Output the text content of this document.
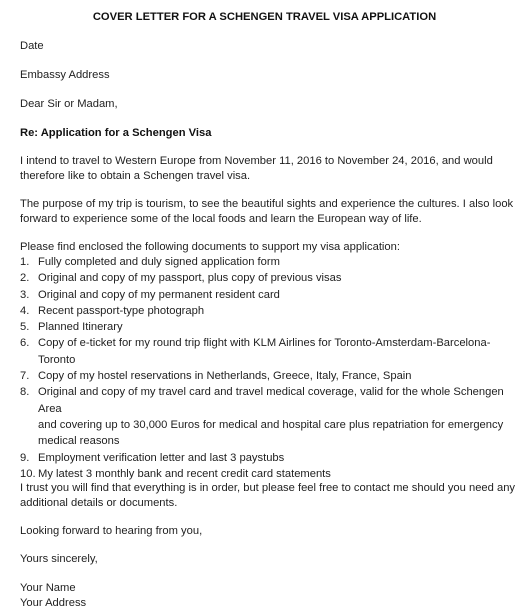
COVER LETTER FOR A SCHENGEN TRAVEL VISA APPLICATION
Date
Embassy Address
Dear Sir or Madam,
Re: Application for a Schengen Visa
I intend to travel to Western Europe from November 11, 2016 to November 24, 2016, and would
therefore like to obtain a Schengen travel visa.
The purpose of my trip is tourism, to see the beautiful sights and experience the cultures. I also look
forward to experience some of the local foods and learn the European way of life.
Please find enclosed the following documents to support my visa application:
1. Fully completed and duly signed application form
2. Original and copy of my passport, plus copy of previous visas
3. Original and copy of my permanent resident card
4. Recent passport-type photograph
5. Planned Itinerary
6. Copy of e-ticket for my round trip flight with KLM Airlines for Toronto-Amsterdam-Barcelona-
Toronto
7. Copy of my hostel reservations in Netherlands, Greece, Italy, France, Spain
8. Original and copy of my travel card and travel medical coverage, valid for the whole Schengen Area
and covering up to 30,000 Euros for medical and hospital care plus repatriation for emergency
medical reasons
9. Employment verification letter and last 3 paystubs
10. My latest 3 monthly bank and recent credit card statements
I trust you will find that everything is in order, but please feel free to contact me should you need any
additional details or documents.
Looking forward to hearing from you,
Yours sincerely,
Your Name
Your Address
